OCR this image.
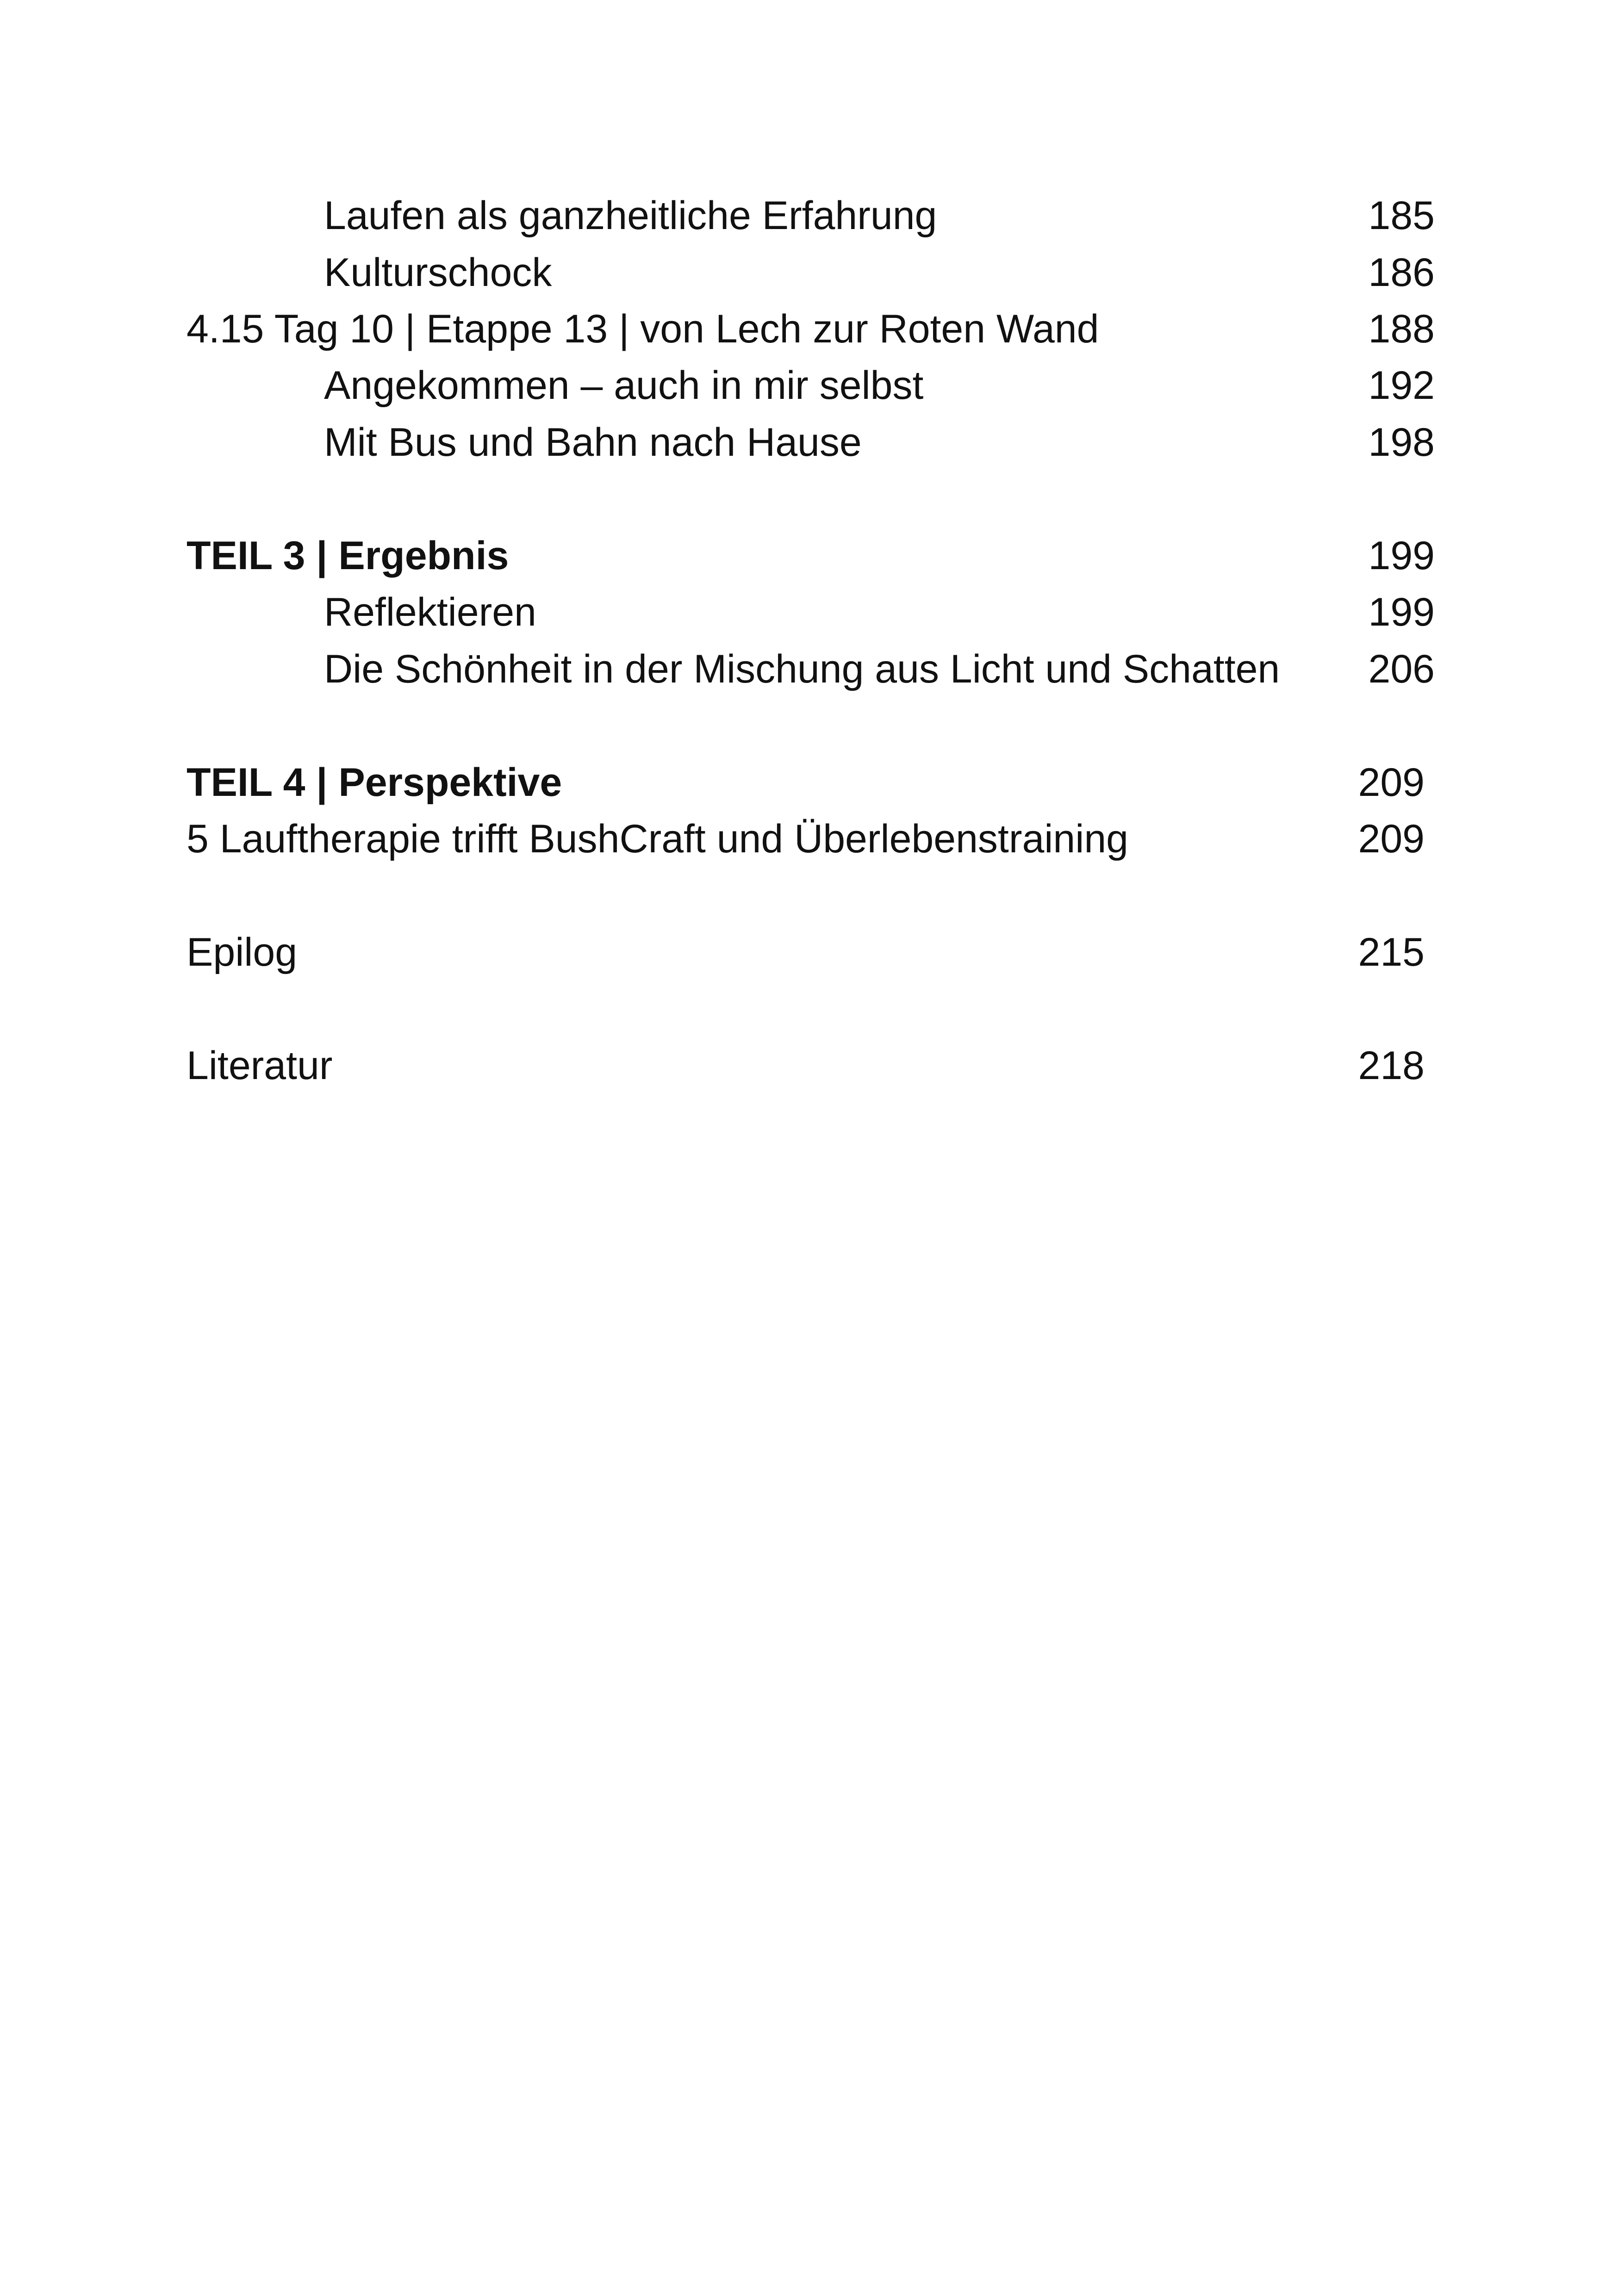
Laufen als ganzheitliche Erfahrung	185
Kulturschock	186
4.15 Tag 10 | Etappe 13 | von Lech zur Roten Wand	188
Angekommen – auch in mir selbst	192
Mit Bus und Bahn nach Hause	198
TEIL 3 | Ergebnis	199
Reflektieren	199
Die Schönheit in der Mischung aus Licht und Schatten	206
TEIL 4 | Perspektive	209
5 Lauftherapie trifft BushCraft und Überlebenstraining	209
Epilog	215
Literatur	218
